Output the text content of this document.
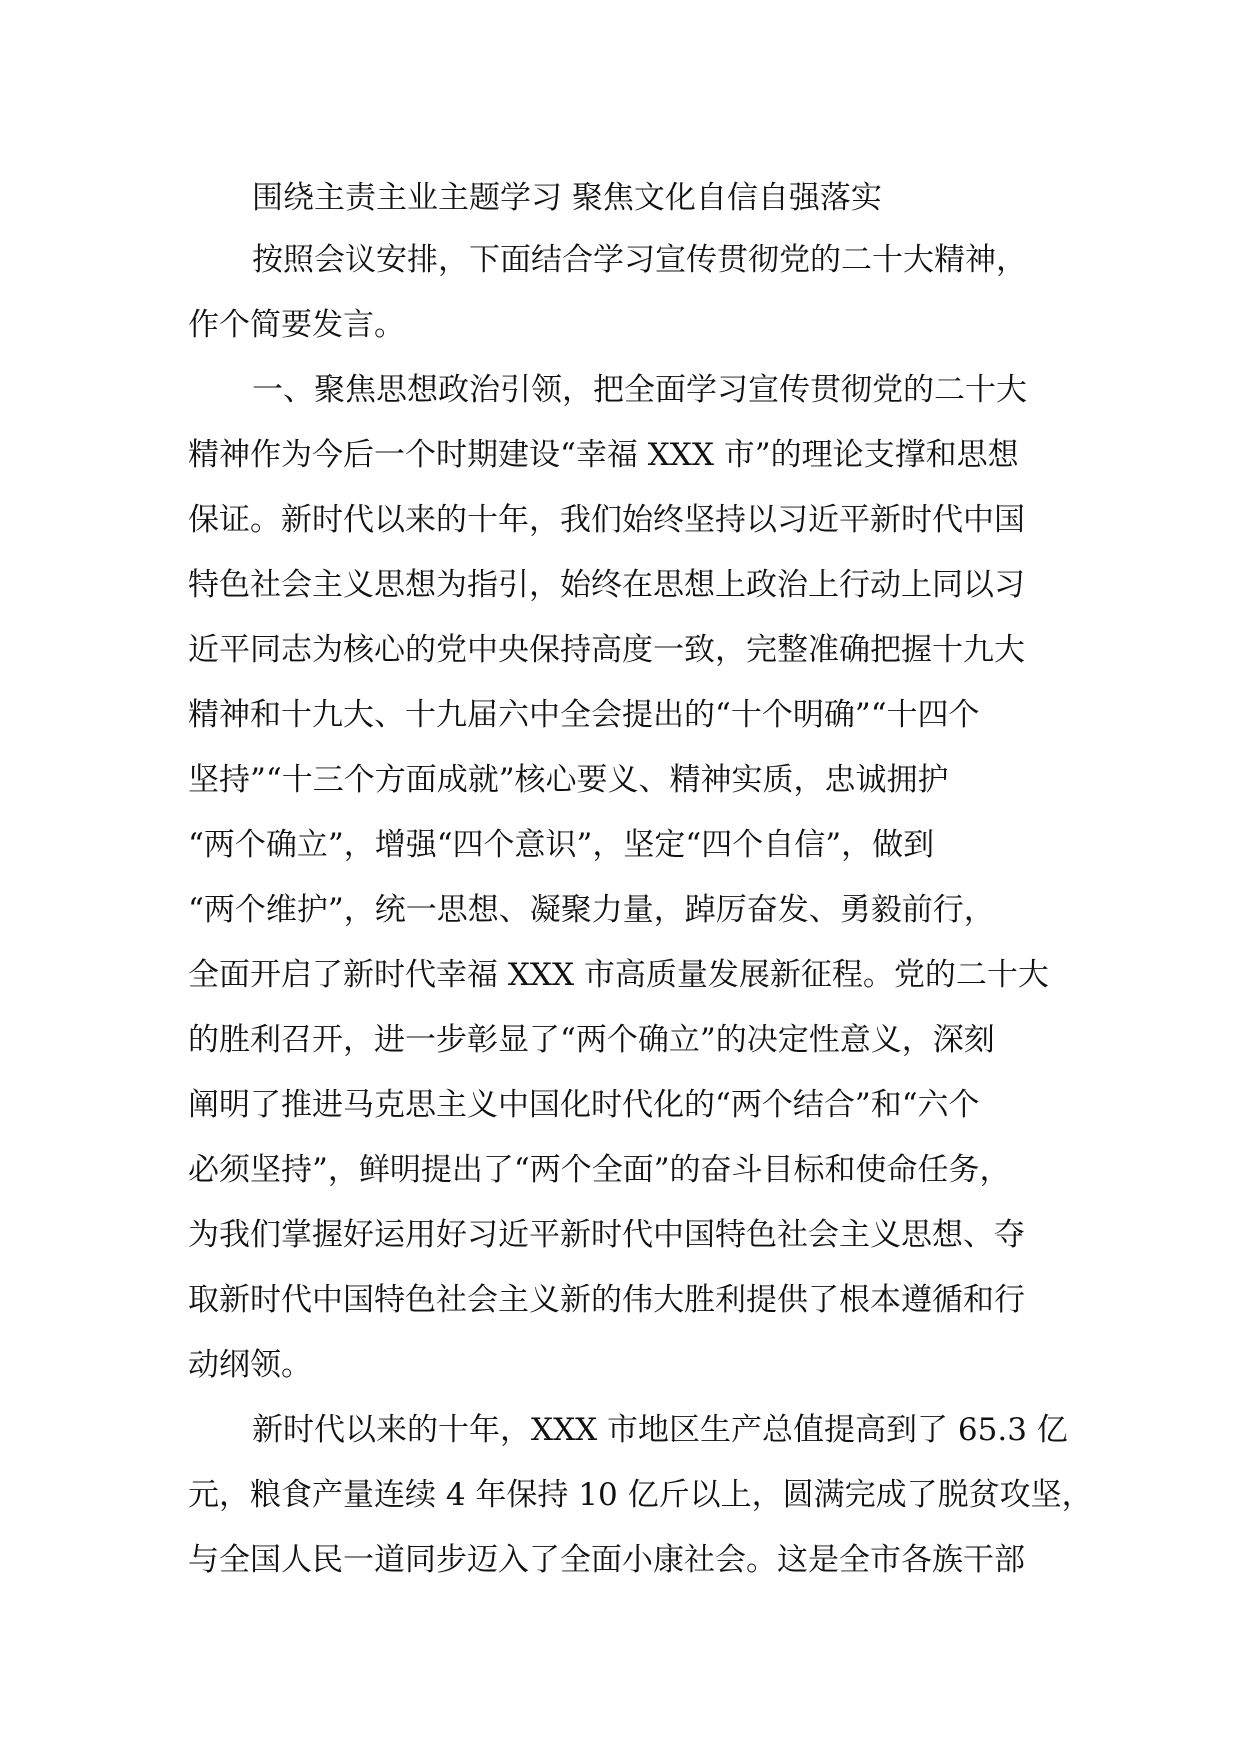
围绕主责主业主题学习 聚焦文化自信自强落实
按照会议安排，下面结合学习宣传贯彻党的二十大精神，
作个简要发言。
一、聚焦思想政治引领，把全面学习宣传贯彻党的二十大
精神作为今后一个时期建设“幸福 XXX 市”的理论支撑和思想
保证。新时代以来的十年，我们始终坚持以习近平新时代中国
特色社会主义思想为指引，始终在思想上政治上行动上同以习
近平同志为核心的党中央保持高度一致，完整准确把握十九大
精神和十九大、十九届六中全会提出的“十个明确”“十四个
坚持”“十三个方面成就”核心要义、精神实质，忠诚拥护
“两个确立”，增强“四个意识”，坚定“四个自信”，做到
“两个维护”，统一思想、凝聚力量，踔厉奋发、勇毅前行，
全面开启了新时代幸福 XXX 市高质量发展新征程。党的二十大
的胜利召开，进一步彰显了“两个确立”的决定性意义，深刻
阐明了推进马克思主义中国化时代化的“两个结合”和“六个
必须坚持”，鲜明提出了“两个全面”的奋斗目标和使命任务，
为我们掌握好运用好习近平新时代中国特色社会主义思想、夺
取新时代中国特色社会主义新的伟大胜利提供了根本遵循和行
动纲领。
新时代以来的十年，XXX 市地区生产总值提高到了 65.3 亿
元，粮食产量连续 4 年保持 10 亿斤以上，圆满完成了脱贫攻坚，
与全国人民一道同步迈入了全面小康社会。这是全市各族干部
